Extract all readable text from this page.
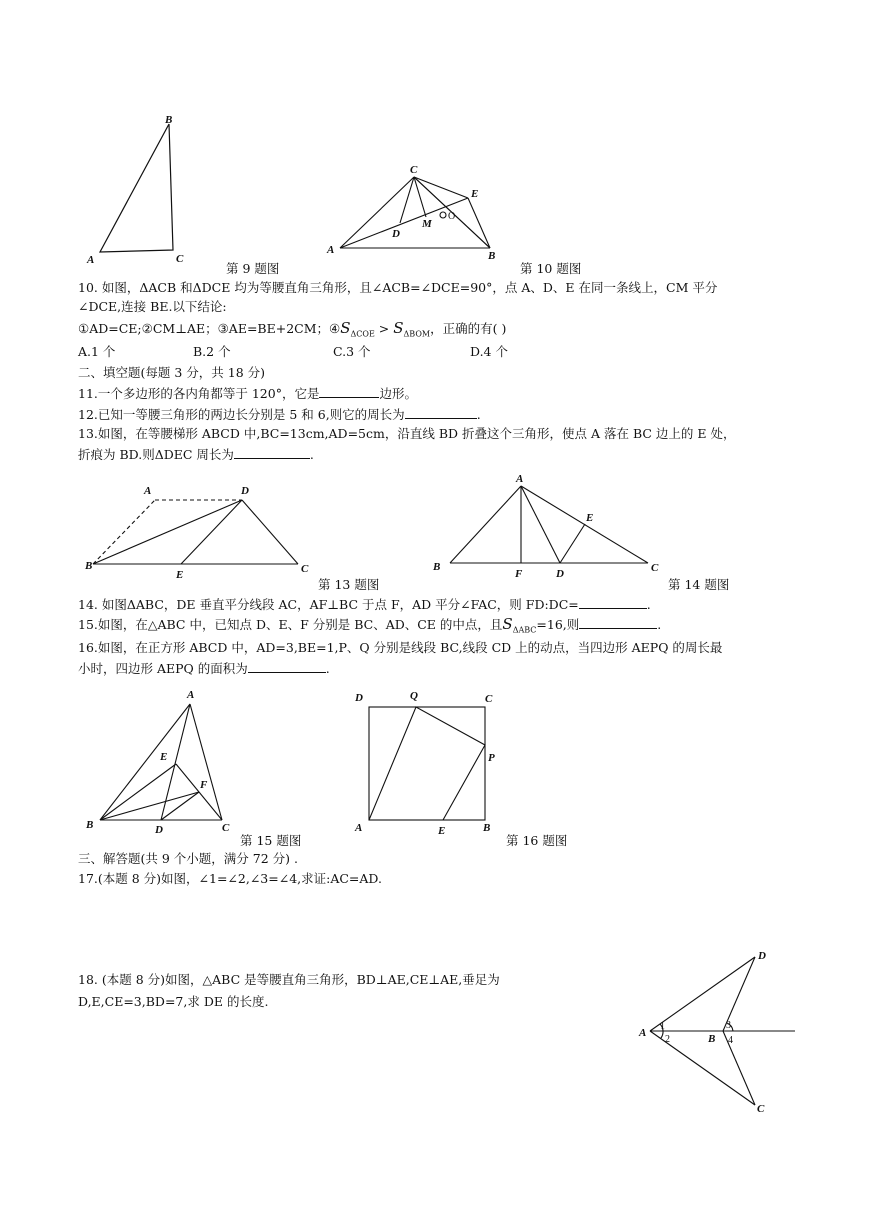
B
A	C
C
E
M
O
D
A	B
第 9 题图	第 10 题图
10. 如图，ΔACB 和ΔDCE 均为等腰直角三角形，且∠ACB=∠DCE=90°，点 A、D、E 在同一条线上，CM 平分
∠DCE,连接 BE.以下结论:
①AD=CE;②CM⊥AE；③AE=BE+2CM；$④S_{\Delta COE} > S_{\Delta BOM}$，正确的有( )
A.1 个	B.2 个	C.3 个	D.4 个
二、填空题(每题 3 分，共 18 分)
11.一个多边形的各内角都等于 120°，它是	边形。
12.已知一等腰三角形的两边长分别是 5 和 6,则它的周长为	.
13.如图，在等腰梯形 ABCD 中,BC=13cm,AD=5cm，沿直线 BD 折叠这个三角形，使点 A 落在 BC 边上的 E 处，
折痕为 BD.则ΔDEC 周长为	.
A	D
B
E	C
A
E
B
F	D	C
第 13 题图	第 14 题图
14. 如图ΔABC，DE 垂直平分线段 AC，AF⊥BC 于点 F，AD 平分∠FAC，则 FD:DC=	.
15.如图，在△ABC 中，已知点 D、E、F 分别是 BC、AD、CE 的中点，且$S_{\Delta ABC}=16$,则	.
16.如图，在正方形 ABCD 中，AD=3,BE=1,P、Q 分别是线段 BC,线段 CD 上的动点，当四边形 AEPQ 的周长最
小时，四边形 AEPQ 的面积为	.
A
E
F
B	D	C
D	Q	C
P
A	E	B
第 15 题图	第 16 题图
三、解答题(共 9 个小题，满分 72 分) .
17.(本题 8 分)如图，∠1=∠2,∠3=∠4,求证:AC=AD.
18. (本题 8 分)如图，△ABC 是等腰直角三角形，BD⊥AE,CE⊥AE,垂足为
D,E,CE=3,BD=7,求 DE 的长度.
D
A
1
2	B
3
4
C
